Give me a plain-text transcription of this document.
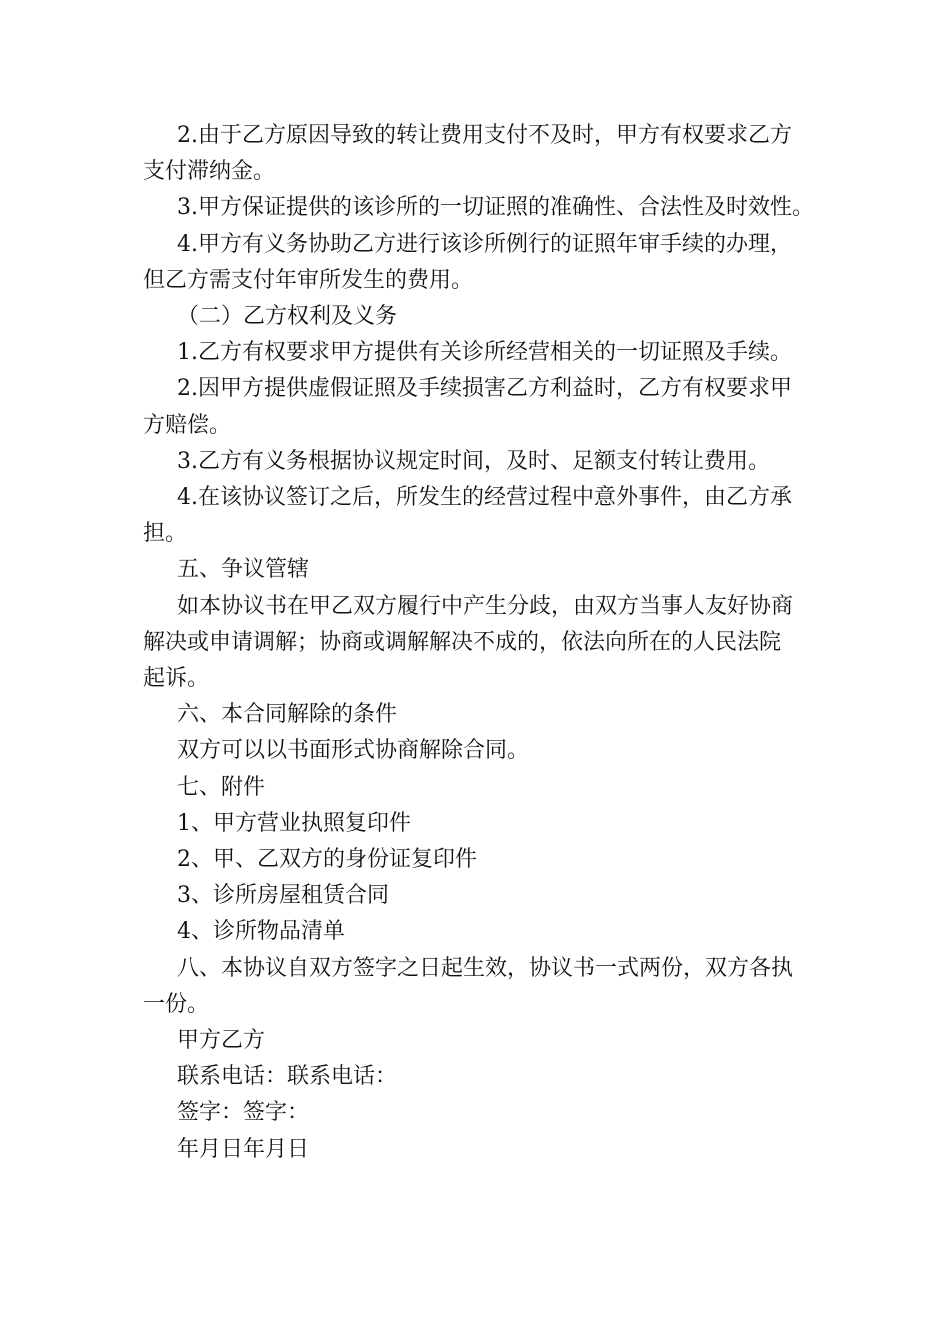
2.由于乙方原因导致的转让费用支付不及时，甲方有权要求乙方
支付滞纳金。
3.甲方保证提供的该诊所的一切证照的准确性、合法性及时效性。
4.甲方有义务协助乙方进行该诊所例行的证照年审手续的办理，
但乙方需支付年审所发生的费用。
（二）乙方权利及义务
1.乙方有权要求甲方提供有关诊所经营相关的一切证照及手续。
2.因甲方提供虚假证照及手续损害乙方利益时，乙方有权要求甲
方赔偿。
3.乙方有义务根据协议规定时间，及时、足额支付转让费用。
4.在该协议签订之后，所发生的经营过程中意外事件，由乙方承
担。
五、争议管辖
如本协议书在甲乙双方履行中产生分歧，由双方当事人友好协商
解决或申请调解；协商或调解解决不成的，依法向所在的人民法院
起诉。
六、本合同解除的条件
双方可以以书面形式协商解除合同。
七、附件
1、甲方营业执照复印件
2、甲、乙双方的身份证复印件
3、诊所房屋租赁合同
4、诊所物品清单
八、本协议自双方签字之日起生效，协议书一式两份，双方各执
一份。
甲方乙方
联系电话：联系电话：
签字：签字：
年月日年月日
